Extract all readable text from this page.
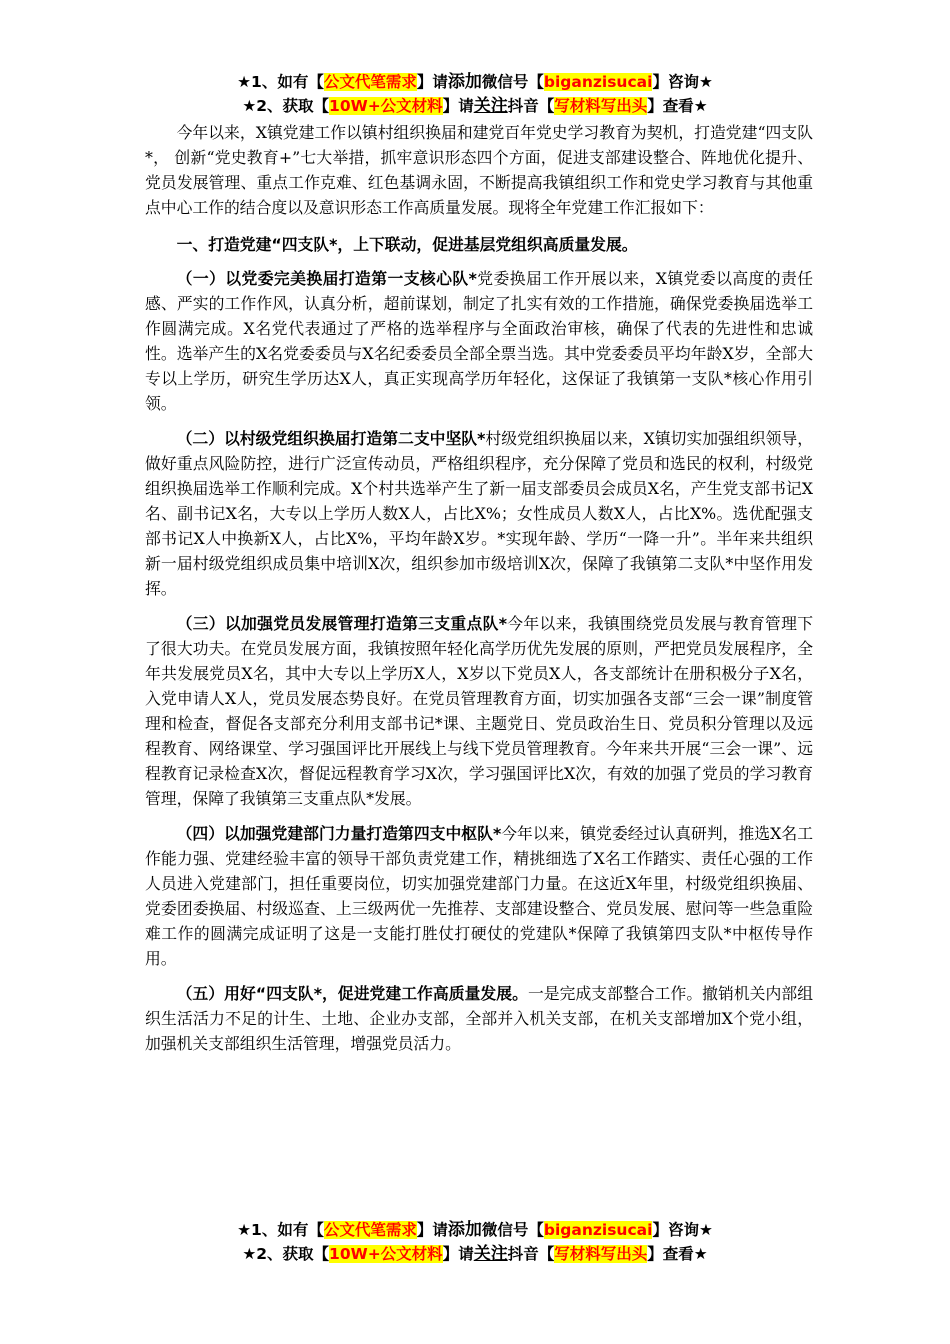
★1、如有【公文代笔需求】请添加微信号【biganzisucai】咨询★
★2、获取【10W+公文材料】请关注抖音【写材料写出头】查看★

今年以来，X镇党建工作以镇村组织换届和建党百年党史学习教育为契机，打造党建“四支队*， 创新“党史教育+”七大举措，抓牢意识形态四个方面，促进支部建设整合、阵地优化提升、党员发展管理、重点工作克难、红色基调永固，不断提高我镇组织工作和党史学习教育与其他重点中心工作的结合度以及意识形态工作高质量发展。现将全年党建工作汇报如下：

一、打造党建“四支队*，上下联动，促进基层党组织高质量发展。

（一）以党委完美换届打造第一支核心队*党委换届工作开展以来，X镇党委以高度的责任感、严实的工作作风，认真分析，超前谋划，制定了扎实有效的工作措施，确保党委换届选举工作圆满完成。X名党代表通过了严格的选举程序与全面政治审核，确保了代表的先进性和忠诚性。选举产生的X名党委委员与X名纪委委员全部全票当选。其中党委委员平均年龄X岁，全部大专以上学历，研究生学历达X人，真正实现高学历年轻化，这保证了我镇第一支队*核心作用引领。

（二）以村级党组织换届打造第二支中坚队*村级党组织换届以来，X镇切实加强组织领导，做好重点风险防控，进行广泛宣传动员，严格组织程序，充分保障了党员和选民的权利，村级党组织换届选举工作顺利完成。X个村共选举产生了新一届支部委员会成员X名，产生党支部书记X名、副书记X名，大专以上学历人数X人，占比X%；女性成员人数X人，占比X%。选优配强支部书记X人中换新X人，占比X%，平均年龄X岁。*实现年龄、学历“一降一升”。半年来共组织新一届村级党组织成员集中培训X次，组织参加市级培训X次，保障了我镇第二支队*中坚作用发挥。

（三）以加强党员发展管理打造第三支重点队*今年以来，我镇围绕党员发展与教育管理下了很大功夫。在党员发展方面，我镇按照年轻化高学历优先发展的原则，严把党员发展程序，全年共发展党员X名，其中大专以上学历X人，X岁以下党员X人，各支部统计在册积极分子X名，入党申请人X人，党员发展态势良好。在党员管理教育方面，切实加强各支部“三会一课”制度管理和检查，督促各支部充分利用支部书记*课、主题党日、党员政治生日、党员积分管理以及远程教育、网络课堂、学习强国评比开展线上与线下党员管理教育。今年来共开展“三会一课”、远程教育记录检查X次，督促远程教育学习X次，学习强国评比X次，有效的加强了党员的学习教育管理，保障了我镇第三支重点队*发展。

（四）以加强党建部门力量打造第四支中枢队*今年以来，镇党委经过认真研判，推选X名工作能力强、党建经验丰富的领导干部负责党建工作，精挑细选了X名工作踏实、责任心强的工作人员进入党建部门，担任重要岗位，切实加强党建部门力量。在这近X年里，村级党组织换届、党委团委换届、村级巡查、上三级两优一先推荐、支部建设整合、党员发展、慰问等一些急重险难工作的圆满完成证明了这是一支能打胜仗打硬仗的党建队*保障了我镇第四支队*中枢传导作用。

（五）用好“四支队*，促进党建工作高质量发展。一是完成支部整合工作。撤销机关内部组织生活活力不足的计生、土地、企业办支部，全部并入机关支部，在机关支部增加X个党小组，加强机关支部组织生活管理，增强党员活力。

★1、如有【公文代笔需求】请添加微信号【biganzisucai】咨询★
★2、获取【10W+公文材料】请关注抖音【写材料写出头】查看★
